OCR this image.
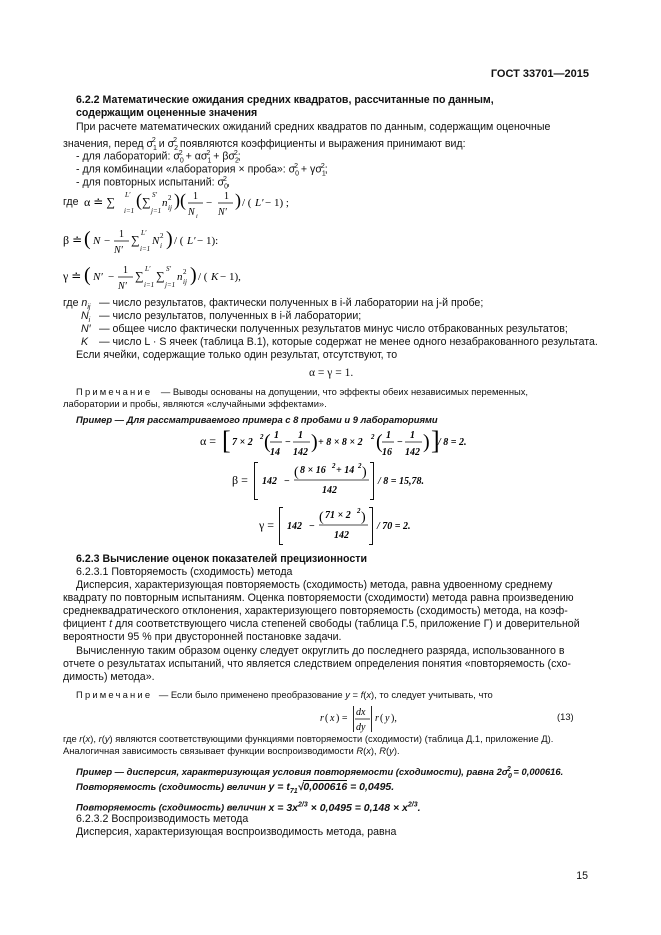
ГОСТ 33701—2015
6.2.2 Математические ожидания средних квадратов, рассчитанные по данным,
содержащим оцененные значения
При расчете математических ожиданий средних квадратов по данным, содержащим оценочные
значения, перед $\sigma_1^2$ и $\sigma_2^2$ появляются коэффициенты и выражения принимают вид:
- для лабораторий: $\sigma_0^2 + \alpha\sigma_1^2 + \beta\sigma_2^2$;
- для комбинации «лаборатория × проба»: $\sigma_0^2 + \gamma\sigma_1^2$;
- для повторных испытаний: $\sigma_0^2$,
где α ≐ ∑ L′
i=1
( ∑ S′
j=1
n 2
ij )( 1
N i
−
1
N′
) / ( L′ − 1) ;
β ≐ ( N −
1
N′
∑ L′
i=1
N 2
i ) / ( L′ − 1):
γ ≐ ( N′ −
1
N′
∑ L′
i=1
∑ S′
j=1
n 2
ij ) / ( K − 1),
где $n_{ij}$ — число результатов, фактически полученных в i-й лаборатории на j-й пробе;
$N_i$ — число результатов, полученных в i-й лаборатории;
N′ — общее число фактически полученных результатов минус число отбракованных результатов;
K — число L · S ячеек (таблица В.1), которые содержат не менее одного незабракованного результата.
Если ячейки, содержащие только один результат, отсутствуют, то
α = γ = 1.
Примечание — Выводы основаны на допущении, что эффекты обеих независимых переменных,
лаборатории и пробы, являются «случайными эффектами».
Пример — Для рассматриваемого примера с 8 пробами и 9 лабораториями
α = [ 7 × 2 2 ( 1
14
−
1
142 ) + 8 × 8 × 2 2 ( 1
16
−
1
142 ) ]
/ 8 = 2.
β = 142 −
( 8 × 16 2 + 14 2 )
142
/ 8 = 15,78.
γ = 142 −
( 71 × 2 2 )
142
/ 70 = 2.
6.2.3 Вычисление оценок показателей прецизионности
6.2.3.1 Повторяемость (сходимость) метода
Дисперсия, характеризующая повторяемость (сходимость) метода, равна удвоенному среднему
квадрату по повторным испытаниям. Оценка повторяемости (сходимости) метода равна произведению
среднеквадратического отклонения, характеризующего повторяемость (сходимость) метода, на коэф-
фициент t для соответствующего числа степеней свободы (таблица Г.5, приложение Г) и доверительной
вероятности 95 % при двусторонней постановке задачи.
Вычисленную таким образом оценку следует округлить до последнего разряда, использованного в
отчете о результатах испытаний, что является следствием определения понятия «повторяемость (схо-
димость) метода».
Примечание — Если было применено преобразование y = f(x), то следует учитывать, что
r ( x ) =
dx
dy
r ( y ),	(13)
где r(x), r(y) являются соответствующими функциями повторяемости (сходимости) (таблица Д.1, приложение Д).
Аналогичная зависимость связывает функции воспроизводимости R(x), R(y).
Пример — дисперсия, характеризующая условия повторяемости (сходимости), равна $2\sigma_0^2 = 0,000616$.
Повторяемость (сходимость) величин $y = t_{71}√0,000616 = 0,0495$.
Повторяемость (сходимость) величин $x = 3x^{2/3} \times 0,0495 = 0,148 \times x^{2/3}$.
6.2.3.2 Воспроизводимость метода
Дисперсия, характеризующая воспроизводимость метода, равна
15
